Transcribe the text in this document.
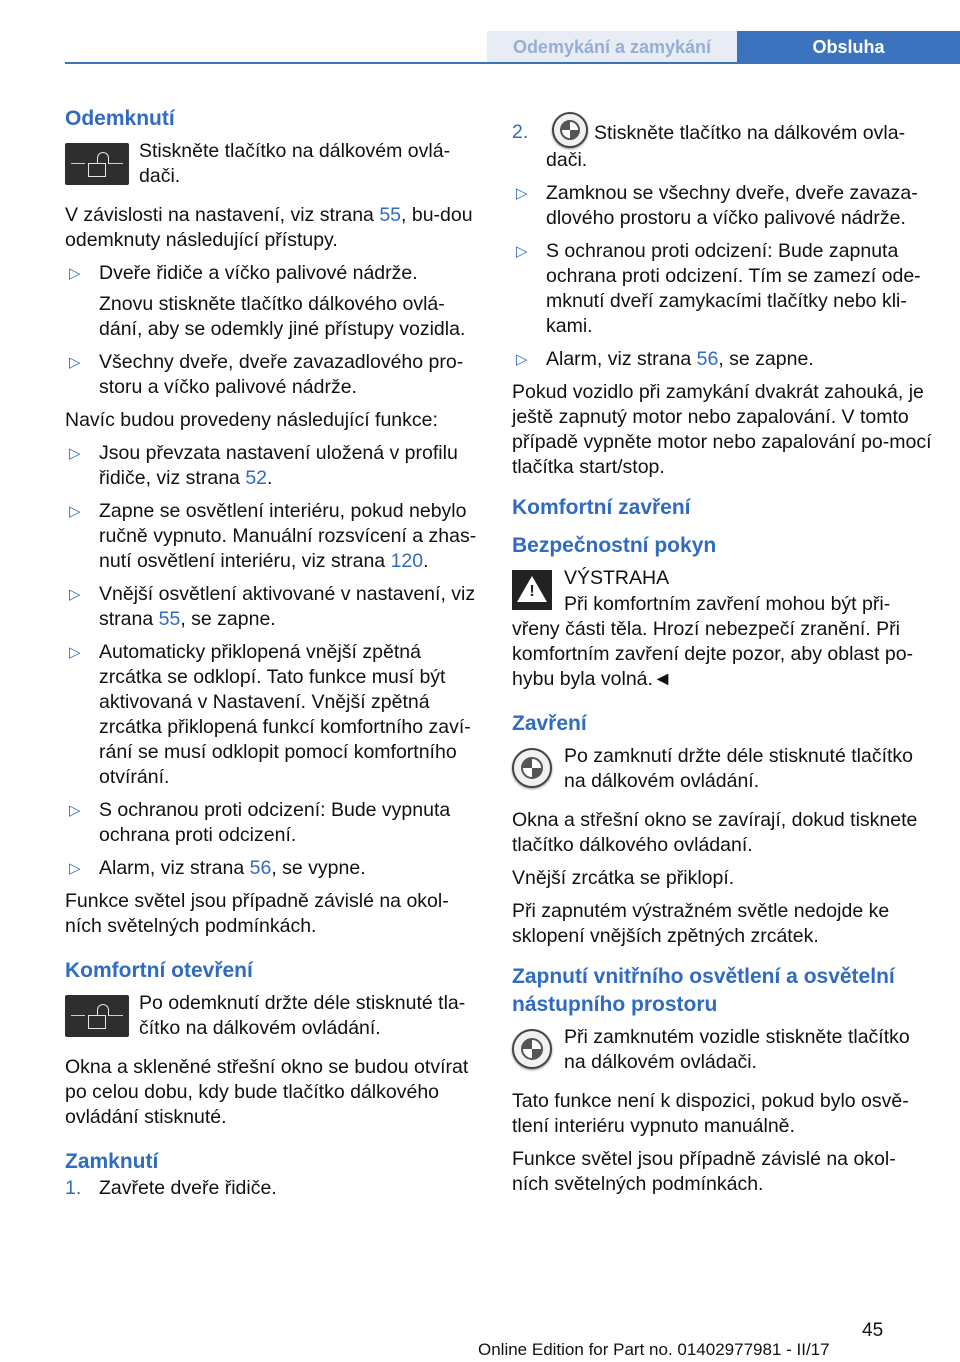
Odemykání a zamykání	Obsluha
Odemknutí
Stiskněte tlačítko na dálkovém ovlá‐dači.

V závislosti na nastavení, viz strana 55, bu‐dou odemknuty následující přístupy.

▷ Dveře řidiče a víčko palivové nádrže.

Znovu stiskněte tlačítko dálkového ovlá‐dání, aby se odemkly jiné přístupy vozidla.

▷ Všechny dveře, dveře zavazadlového pro‐storu a víčko palivové nádrže.

Navíc budou provedeny následující funkce:

▷ Jsou převzata nastavení uložená v profilu řidiče, viz strana 52.
▷ Zapne se osvětlení interiéru, pokud nebylo ručně vypnuto. Manuální rozsvícení a zhas‐nutí osvětlení interiéru, viz strana 120.
▷ Vnější osvětlení aktivované v nastavení, viz strana 55, se zapne.
▷ Automaticky přiklopená vnější zpětná zrcátka se odklopí. Tato funkce musí být aktivovaná v Nastavení. Vnější zpětná zrcátka přiklopená funkcí komfortního zaví‐rání se musí odklopit pomocí komfortního otvírání.
▷ S ochranou proti odcizení: Bude vypnuta ochrana proti odcizení.
▷ Alarm, viz strana 56, se vypne.

Funkce světel jsou případně závislé na okol‐ních světelných podmínkách.

Komfortní otevření
Po odemknutí držte déle stisknuté tla‐čítko na dálkovém ovládání.

Okna a skleněné střešní okno se budou otvírat po celou dobu, kdy bude tlačítko dálkového ovládání stisknuté.

Zamknutí
1. Zavřete dveře řidiče.
2.	Stiskněte tlačítko na dálkovém ovla‐dači.
▷ Zamknou se všechny dveře, dveře zavaza‐dlového prostoru a víčko palivové nádrže.
▷ S ochranou proti odcizení: Bude zapnuta ochrana proti odcizení. Tím se zamezí ode‐mknutí dveří zamykacími tlačítky nebo kli‐kami.
▷ Alarm, viz strana 56, se zapne.

Pokud vozidlo při zamykání dvakrát zahouká, je ještě zapnutý motor nebo zapalování. V tomto případě vypněte motor nebo zapalování po‐mocí tlačítka start/stop.

Komfortní zavření
Bezpečnostní pokyn
!
VÝSTRAHA

Při komfortním zavření mohou být při‐vřeny části těla. Hrozí nebezpečí zranění. Při komfortním zavření dejte pozor, aby oblast po‐hybu byla volná.◄

Zavření
Po zamknutí držte déle stisknuté tlačítko na dálkovém ovládání.

Okna a střešní okno se zavírají, dokud tisknete tlačítko dálkového ovládaní.

Vnější zrcátka se přiklopí.

Při zapnutém výstražném světle nedojde ke sklopení vnějších zpětných zrcátek.

Zapnutí vnitřního osvětlení a osvětelní nástupního prostoru
Při zamknutém vozidle stiskněte tlačítko na dálkovém ovládači.

Tato funkce není k dispozici, pokud bylo osvě‐tlení interiéru vypnuto manuálně.

Funkce světel jsou případně závislé na okol‐ních světelných podmínkách.

45
Online Edition for Part no. 01402977981 - II/17
